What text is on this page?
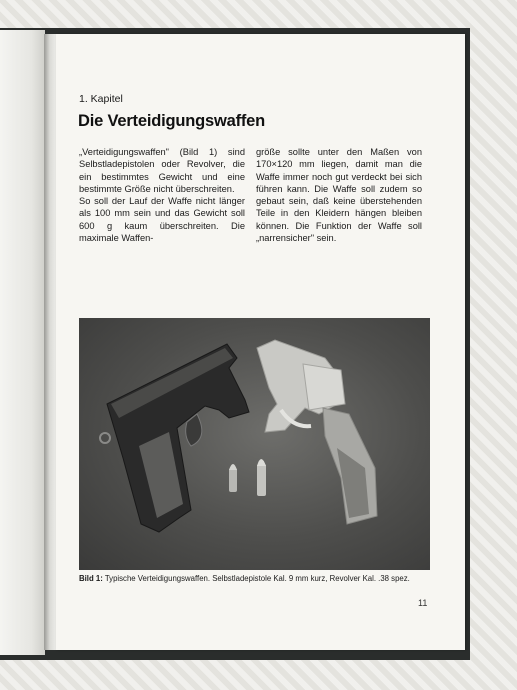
1. Kapitel
Die Verteidigungswaffen

„Verteidigungswaffen" (Bild 1) sind Selbstladepistolen oder Revolver, die ein bestimmtes Gewicht und eine bestimmte Größe nicht überschreiten.

So soll der Lauf der Waffe nicht länger als 100 mm sein und das Gewicht soll 600 g kaum überschreiten. Die maximale Waffen-

größe sollte unter den Maßen von 170×120 mm liegen, damit man die Waffe immer noch gut verdeckt bei sich führen kann. Die Waffe soll zudem so gebaut sein, daß keine überstehenden Teile in den Kleidern hängen bleiben können. Die Funktion der Waffe soll „narrensicher" sein.

Bild 1: Typische Verteidigungswaffen. Selbstladepistole Kal. 9 mm kurz, Revolver Kal. .38 spez.
11
